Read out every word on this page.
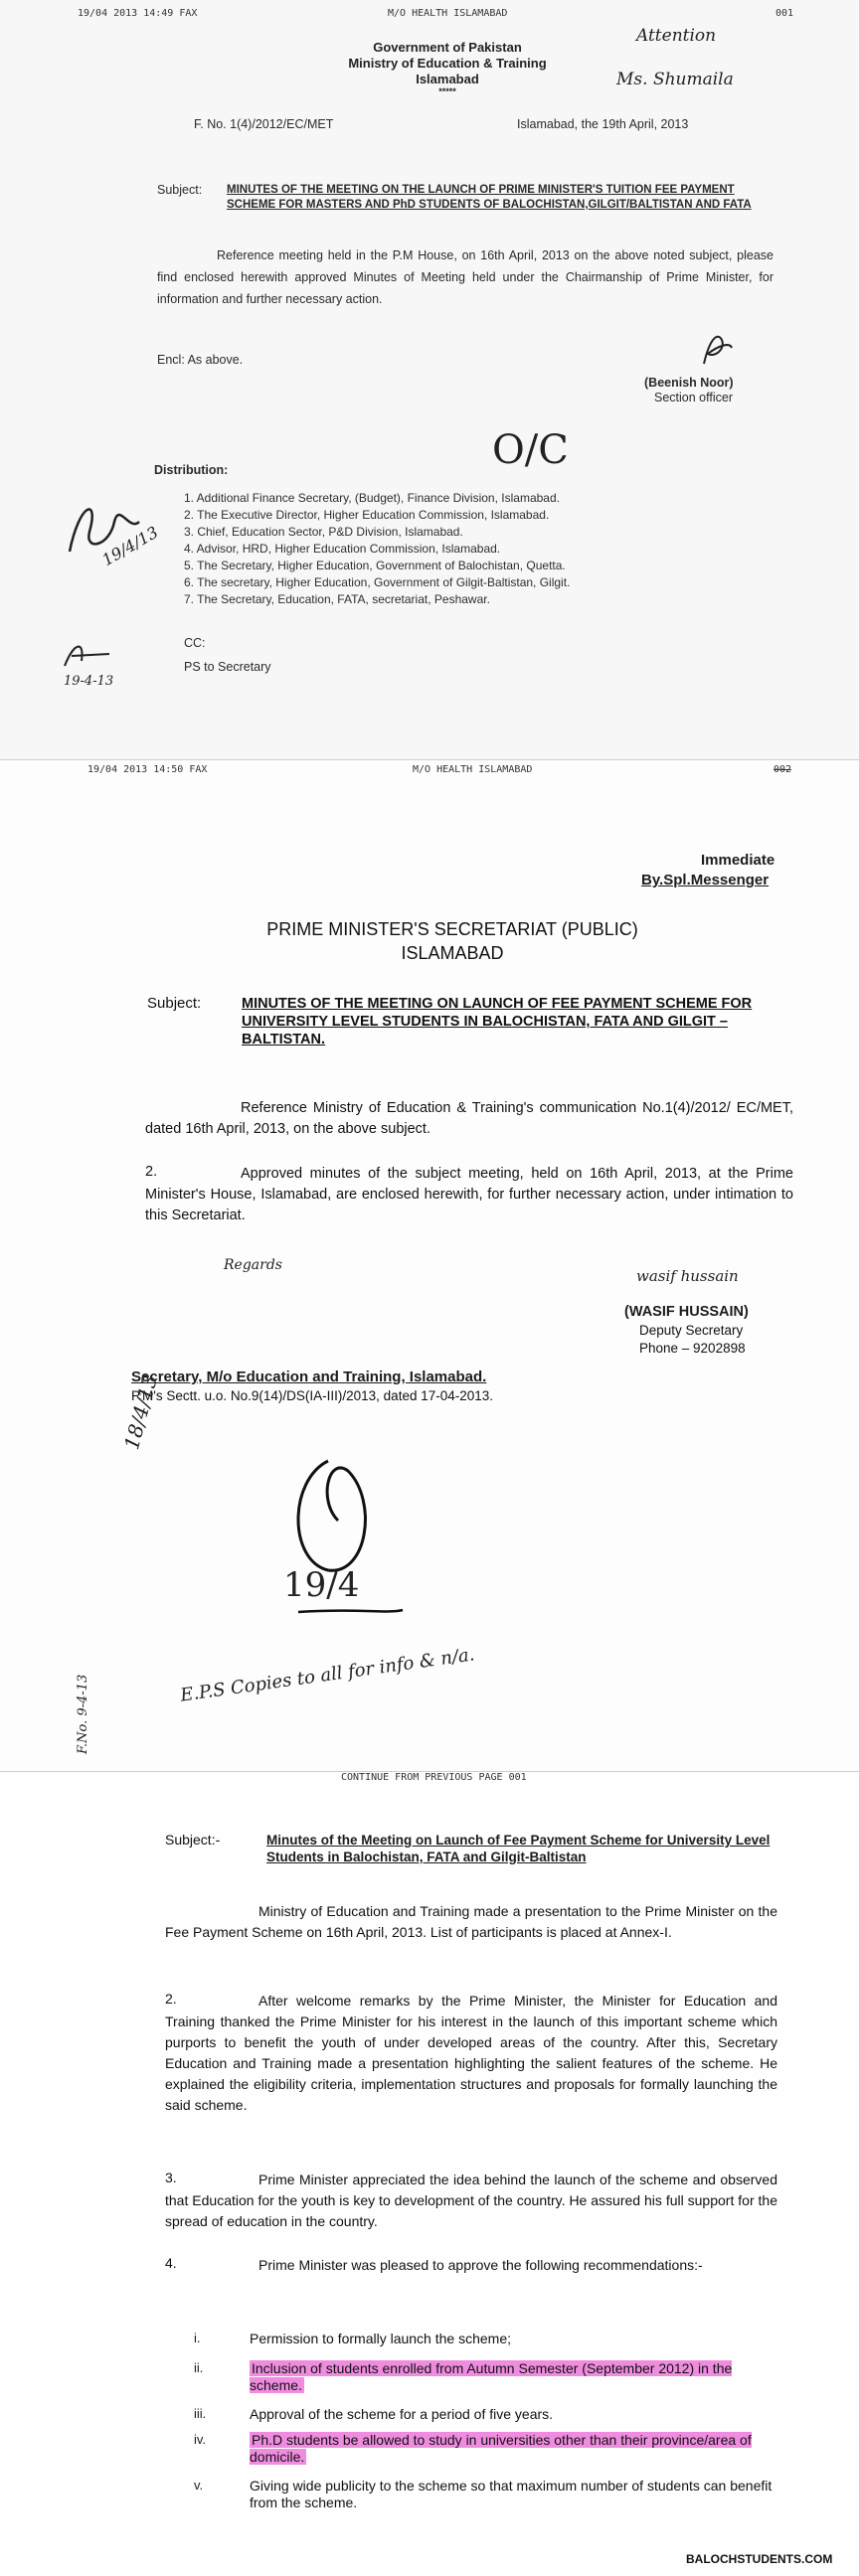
19/04 2013 14:49 FAX	M/O HEALTH ISLAMABAD	001
Attention
Ms. Shumaila
Government of Pakistan
Ministry of Education & Training
Islamabad
*****
F. No. 1(4)/2012/EC/MET	Islamabad, the 19th April, 2013
Subject: MINUTES OF THE MEETING ON THE LAUNCH OF PRIME MINISTER'S TUITION FEE PAYMENT SCHEME FOR MASTERS AND PhD STUDENTS OF BALOCHISTAN,GILGIT/BALTISTAN AND FATA
Reference meeting held in the P.M House, on 16th April, 2013 on the above noted subject, please find enclosed herewith approved Minutes of Meeting held under the Chairmanship of Prime Minister, for information and further necessary action.
Encl: As above.
(Beenish Noor)
Section officer
O/C
Distribution:
1. Additional Finance Secretary, (Budget), Finance Division, Islamabad.
2. The Executive Director, Higher Education Commission, Islamabad.
3. Chief, Education Sector, P&D Division, Islamabad.
4. Advisor, HRD, Higher Education Commission, Islamabad.
5. The Secretary, Higher Education, Government of Balochistan, Quetta.
6. The secretary, Higher Education, Government of Gilgit-Baltistan, Gilgit.
7. The Secretary, Education, FATA, secretariat, Peshawar.
19/4/13
CC:
PS to Secretary
19-4-13
19/04 2013 14:50 FAX	M/O HEALTH ISLAMABAD	002
Immediate
By.Spl.Messenger
PRIME MINISTER'S SECRETARIAT (PUBLIC)
ISLAMABAD
Subject:	MINUTES OF THE MEETING ON LAUNCH OF FEE PAYMENT SCHEME FOR UNIVERSITY LEVEL STUDENTS IN BALOCHISTAN, FATA AND GILGIT – BALTISTAN.
Reference Ministry of Education & Training's communication No.1(4)/2012/ EC/MET, dated 16th April, 2013, on the above subject.
2.	Approved minutes of the subject meeting, held on 16th April, 2013, at the Prime Minister's House, Islamabad, are enclosed herewith, for further necessary action, under intimation to this Secretariat.
Regards
wasif hussain
(WASIF HUSSAIN)
Deputy Secretary
Phone – 9202898
Secretary, M/o Education and Training, Islamabad.
P.M's Sectt. u.o. No.9(14)/DS(IA-III)/2013, dated 17-04-2013.
18/4/13
19/4
E.P.S Copies to all for info & n/a.
F.No. 9-4-13
CONTINUE FROM PREVIOUS PAGE 001
Subject:-	Minutes of the Meeting on Launch of Fee Payment Scheme for University Level Students in Balochistan, FATA and Gilgit-Baltistan
Ministry of Education and Training made a presentation to the Prime Minister on the Fee Payment Scheme on 16th April, 2013. List of participants is placed at Annex-I.
2.	After welcome remarks by the Prime Minister, the Minister for Education and Training thanked the Prime Minister for his interest in the launch of this important scheme which purports to benefit the youth of under developed areas of the country. After this, Secretary Education and Training made a presentation highlighting the salient features of the scheme. He explained the eligibility criteria, implementation structures and proposals for formally launching the said scheme.
3.	Prime Minister appreciated the idea behind the launch of the scheme and observed that Education for the youth is key to development of the country. He assured his full support for the spread of education in the country.
4.	Prime Minister was pleased to approve the following recommendations:-
i.	Permission to formally launch the scheme;
ii.	Inclusion of students enrolled from Autumn Semester (September 2012) in the scheme.
iii.	Approval of the scheme for a period of five years.
iv.	Ph.D students be allowed to study in universities other than their province/area of domicile.
v.	Giving wide publicity to the scheme so that maximum number of students can benefit from the scheme.
BALOCHSTUDENTS.COM
